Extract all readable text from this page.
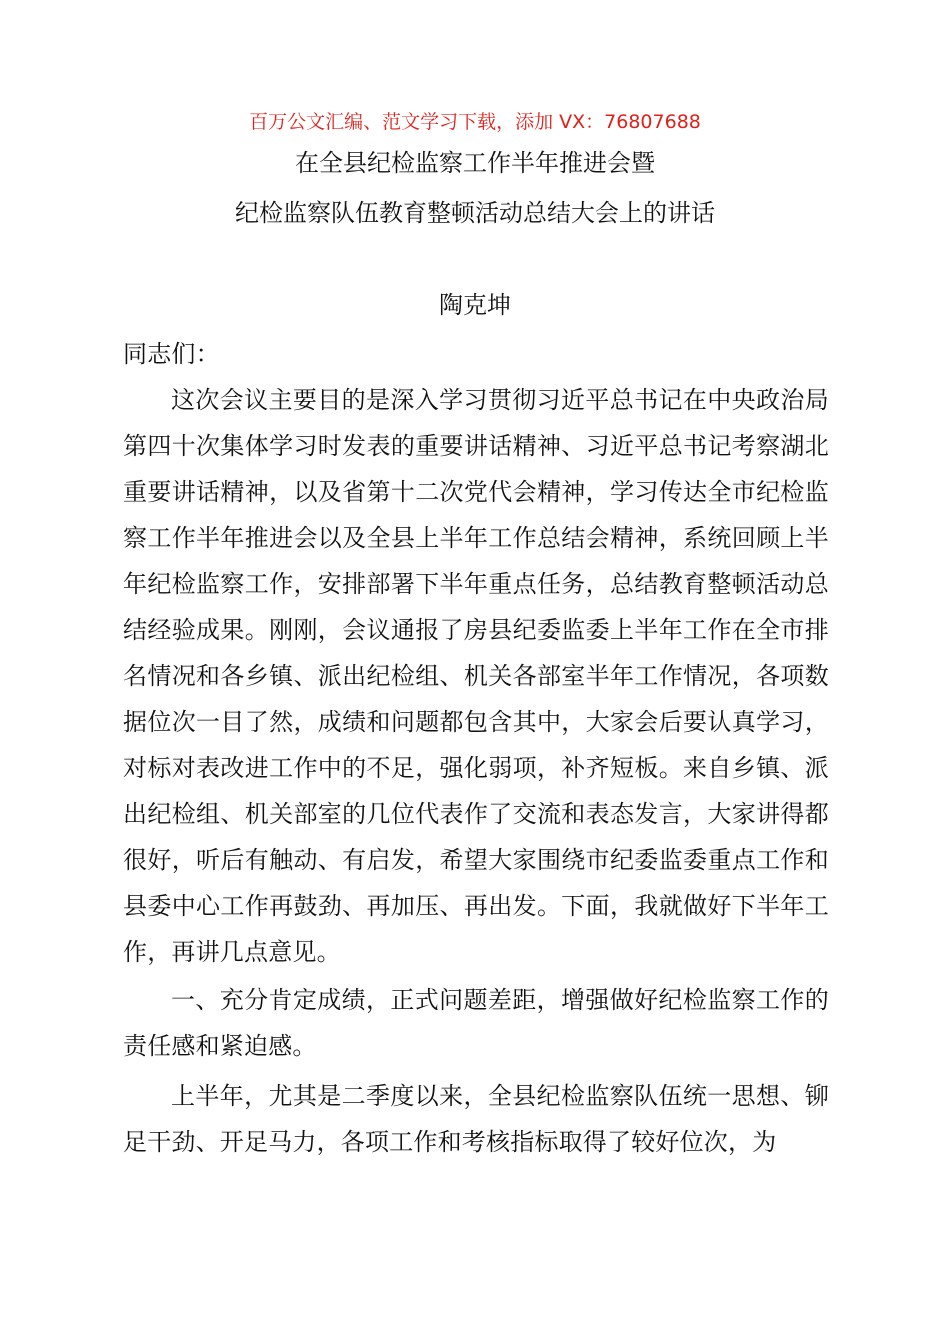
百万公文汇编、范文学习下载，添加 VX：76807688
在全县纪检监察工作半年推进会暨
纪检监察队伍教育整顿活动总结大会上的讲话
陶克坤

同志们：

这次会议主要目的是深入学习贯彻习近平总书记在中央政治局第四十次集体学习时发表的重要讲话精神、习近平总书记考察湖北重要讲话精神，以及省第十二次党代会精神，学习传达全市纪检监察工作半年推进会以及全县上半年工作总结会精神，系统回顾上半年纪检监察工作，安排部署下半年重点任务，总结教育整顿活动总结经验成果。刚刚，会议通报了房县纪委监委上半年工作在全市排名情况和各乡镇、派出纪检组、机关各部室半年工作情况，各项数据位次一目了然，成绩和问题都包含其中，大家会后要认真学习，对标对表改进工作中的不足，强化弱项，补齐短板。来自乡镇、派出纪检组、机关部室的几位代表作了交流和表态发言，大家讲得都很好，听后有触动、有启发，希望大家围绕市纪委监委重点工作和县委中心工作再鼓劲、再加压、再出发。下面，我就做好下半年工作，再讲几点意见。

一、充分肯定成绩，正式问题差距，增强做好纪检监察工作的责任感和紧迫感。

上半年，尤其是二季度以来，全县纪检监察队伍统一思想、铆足干劲、开足马力，各项工作和考核指标取得了较好位次，为
